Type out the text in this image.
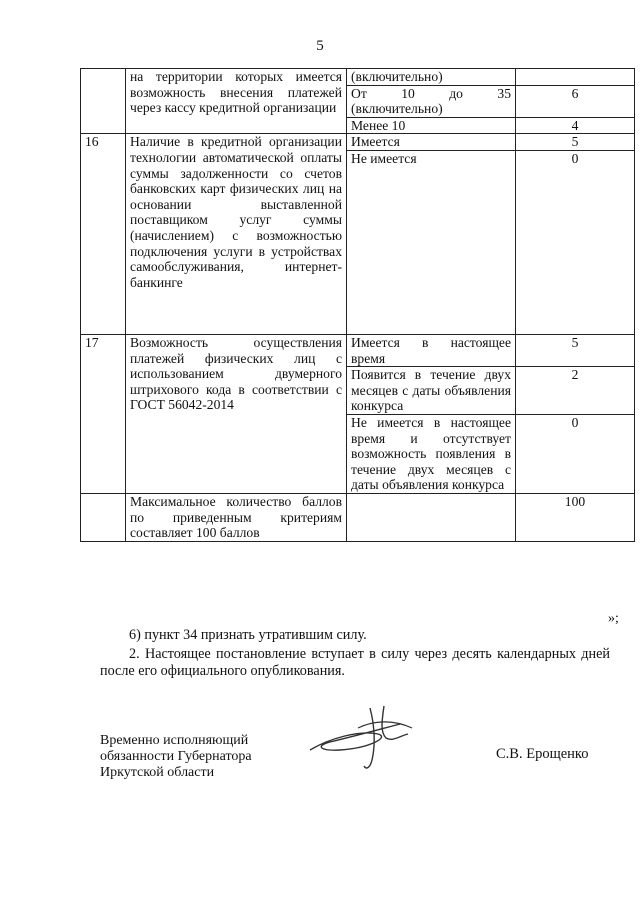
5
	на территории которых имеется возможность внесения платежей через кассу кредитной организации	(включительно)	
		От 10 до 35 (включительно)	6
		Менее 10	4
16	Наличие в кредитной организации технологии автоматической оплаты суммы задолженности со счетов банковских карт физических лиц на основании выставленной поставщиком услуг суммы (начислением) с возможностью подключения услуги в устройствах самообслуживания, интернет-банкинге	Имеется	5
		Не имеется	0
17	Возможность осуществления платежей физических лиц с использованием двумерного штрихового кода в соответствии с ГОСТ 56042-2014	Имеется в настоящее время	5
		Появится в течение двух месяцев с даты объявления конкурса	2
		Не имеется в настоящее время и отсутствует возможность появления в течение двух месяцев с даты объявления конкурса	0
	Максимальное количество баллов по приведенным критериям составляет 100 баллов		100
»;
6) пункт 34 признать утратившим силу.
2. Настоящее постановление вступает в силу через десять календарных дней после его официального опубликования.
Временно исполняющий
обязанности Губернатора
Иркутской области
С.В. Ерощенко
